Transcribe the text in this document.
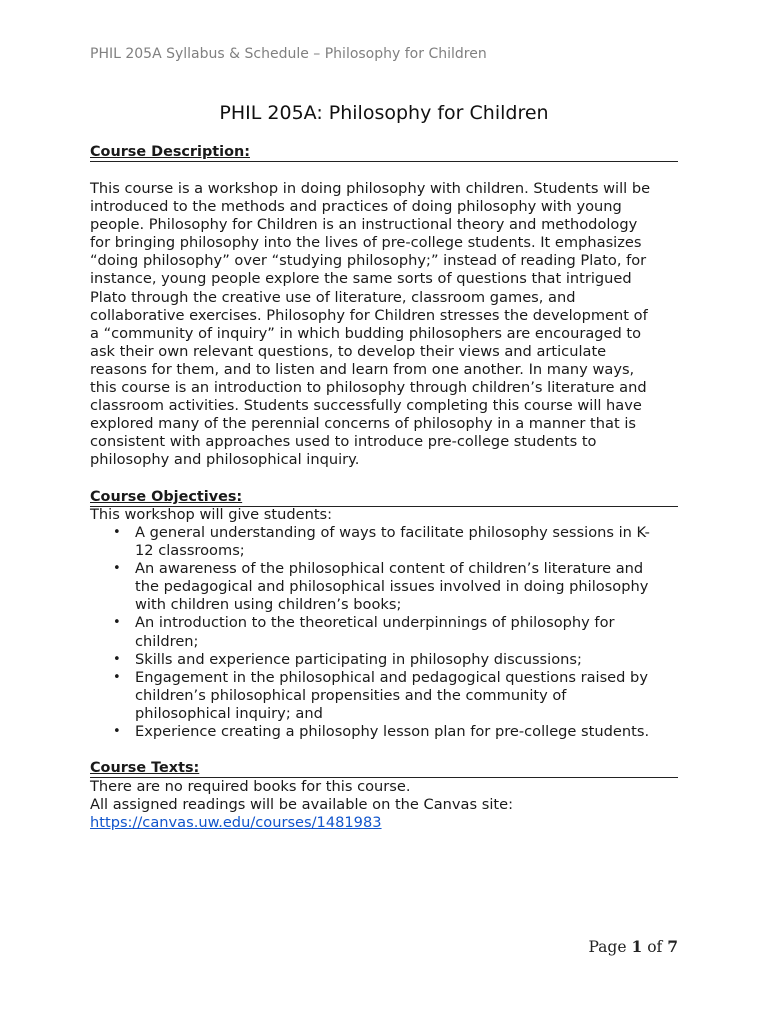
PHIL 205A Syllabus & Schedule – Philosophy for Children
PHIL 205A: Philosophy for Children
Course Description:
This course is a workshop in doing philosophy with children. Students will be
introduced to the methods and practices of doing philosophy with young
people. Philosophy for Children is an instructional theory and methodology
for bringing philosophy into the lives of pre-college students. It emphasizes
“doing philosophy” over “studying philosophy;” instead of reading Plato, for
instance, young people explore the same sorts of questions that intrigued
Plato through the creative use of literature, classroom games, and
collaborative exercises. Philosophy for Children stresses the development of
a “community of inquiry” in which budding philosophers are encouraged to
ask their own relevant questions, to develop their views and articulate
reasons for them, and to listen and learn from one another. In many ways,
this course is an introduction to philosophy through children’s literature and
classroom activities. Students successfully completing this course will have
explored many of the perennial concerns of philosophy in a manner that is
consistent with approaches used to introduce pre-college students to
philosophy and philosophical inquiry.
Course Objectives:
This workshop will give students:
• A general understanding of ways to facilitate philosophy sessions in K-
12 classrooms;
• An awareness of the philosophical content of children’s literature and
the pedagogical and philosophical issues involved in doing philosophy
with children using children’s books;
• An introduction to the theoretical underpinnings of philosophy for
children;
• Skills and experience participating in philosophy discussions;
• Engagement in the philosophical and pedagogical questions raised by
children’s philosophical propensities and the community of
philosophical inquiry; and
• Experience creating a philosophy lesson plan for pre-college students.
Course Texts:
There are no required books for this course.
All assigned readings will be available on the Canvas site:
https://canvas.uw.edu/courses/1481983
Page 1 of 7
